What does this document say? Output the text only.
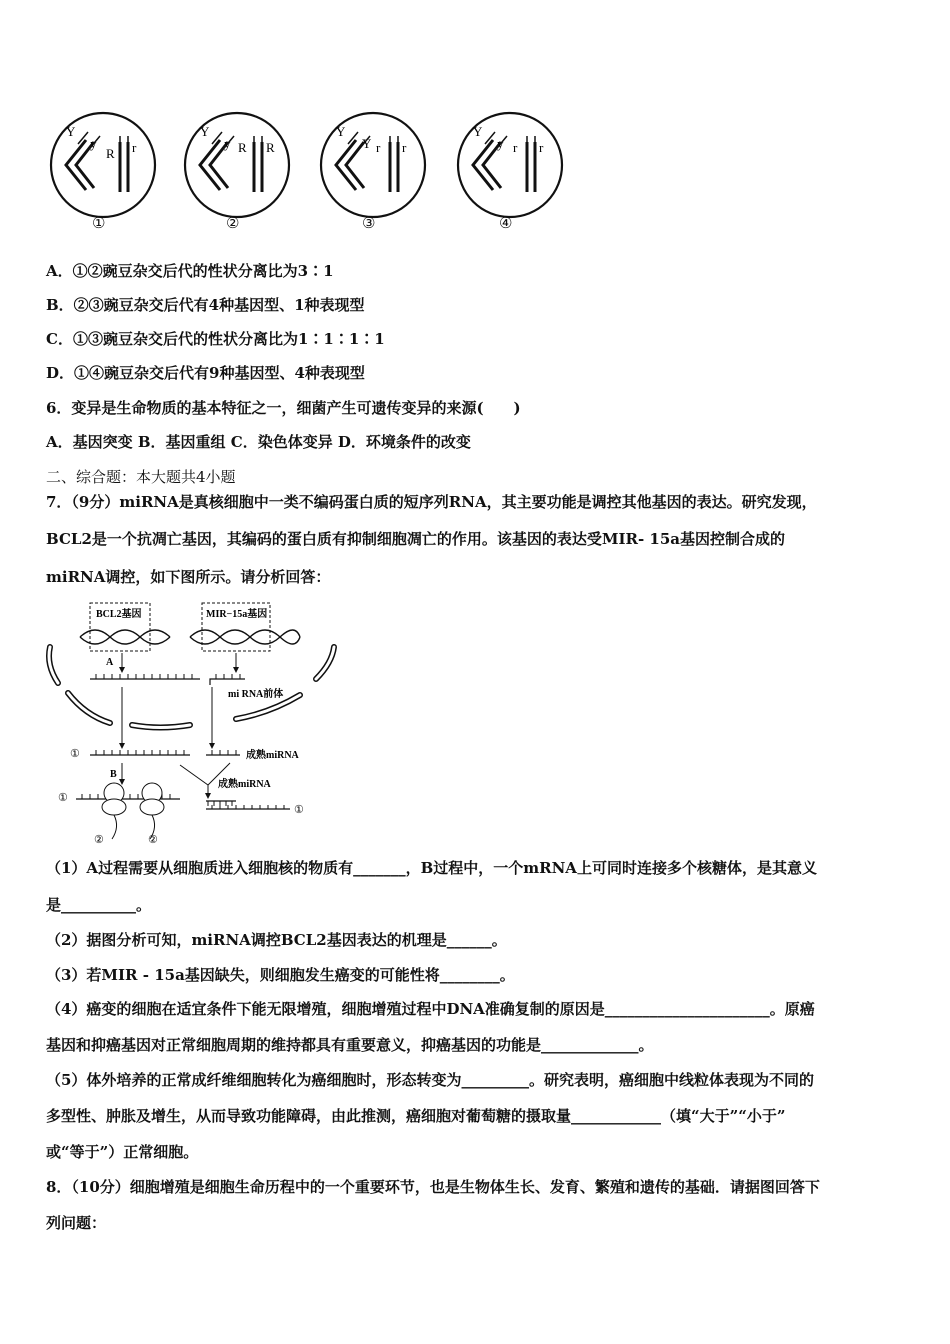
Y
y
R r
Y
y R R
Y
Y r r
Y
y r r
①	②	③	④
A．①②豌豆杂交后代的性状分离比为3∶1
B．②③豌豆杂交后代有4种基因型、1种表现型
C．①③豌豆杂交后代的性状分离比为1∶1∶1∶1
D．①④豌豆杂交后代有9种基因型、4种表现型
6．变异是生命物质的基本特征之一，细菌产生可遗传变异的来源(　　)
A．基因突变 B．基因重组 C．染色体变异 D．环境条件的改变
二、综合题：本大题共4小题
7．（9分）miRNA是真核细胞中一类不编码蛋白质的短序列RNA，其主要功能是调控其他基因的表达。研究发现，
BCL2是一个抗凋亡基因，其编码的蛋白质有抑制细胞凋亡的作用。该基因的表达受MIR- 15a基因控制合成的
miRNA调控，如下图所示。请分析回答：
BCL2基因	MIR−15a基因
A
mi RNA前体
①	成熟miRNA
B
成熟miRNA
①
②	②
①
（1）A过程需要从细胞质进入细胞核的物质有_______，B过程中，一个mRNA上可同时连接多个核糖体，是其意义
是__________。
（2）据图分析可知，miRNA调控BCL2基因表达的机理是______。
（3）若MIR - 15a基因缺失，则细胞发生癌变的可能性将________。
（4）癌变的细胞在适宜条件下能无限增殖，细胞增殖过程中DNA准确复制的原因是______________________。原癌
基因和抑癌基因对正常细胞周期的维持都具有重要意义，抑癌基因的功能是_____________。
（5）体外培养的正常成纤维细胞转化为癌细胞时，形态转变为_________。研究表明，癌细胞中线粒体表现为不同的
多型性、肿胀及增生，从而导致功能障碍，由此推测，癌细胞对葡萄糖的摄取量____________（填“大于”“小于”
或“等于”）正常细胞。
8．（10分）细胞增殖是细胞生命历程中的一个重要环节，也是生物体生长、发育、繁殖和遗传的基础．请据图回答下
列问题：
